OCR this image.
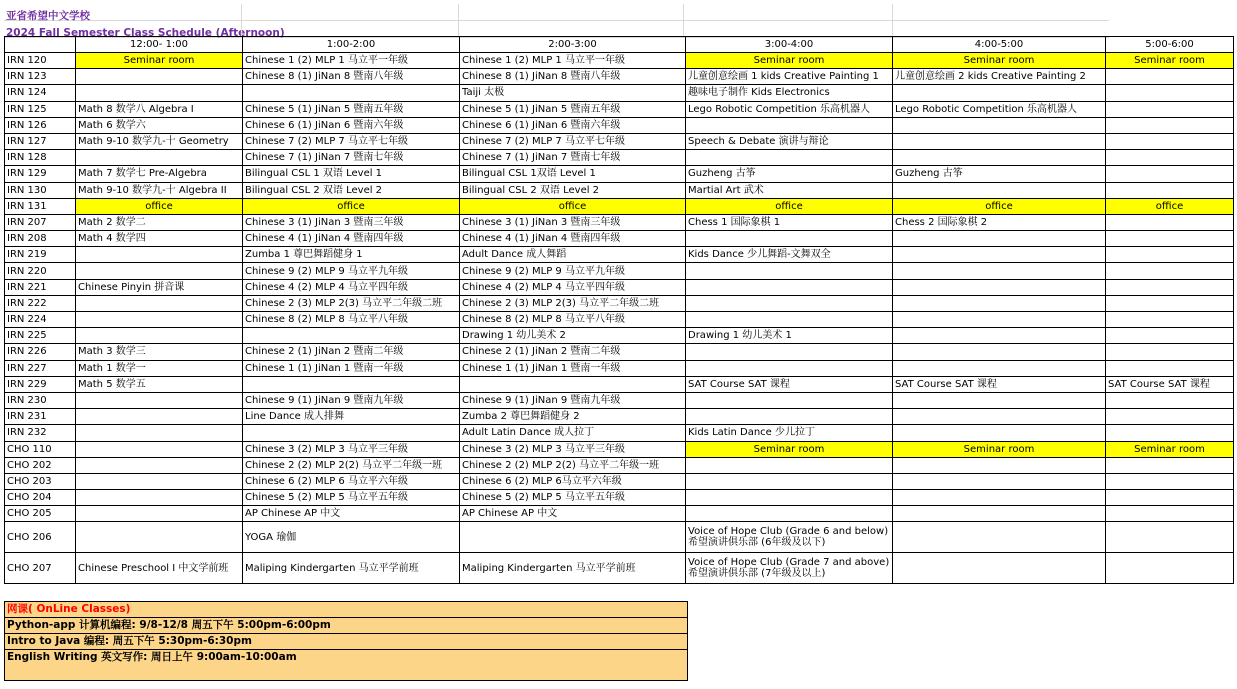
亚省希望中文学校
2024 Fall Semester Class Schedule (Afternoon)
	12:00- 1:00	1:00-2:00	2:00-3:00	3:00-4:00	4:00-5:00	5:00-6:00
IRN 120	Seminar room	Chinese 1 (2) MLP 1 马立平一年级	Chinese 1 (2) MLP 1 马立平一年级	Seminar room	Seminar room	Seminar room
IRN 123		Chinese 8 (1) JiNan 8 暨南八年级	Chinese 8 (1) JiNan 8 暨南八年级	儿童创意绘画 1 kids Creative Painting 1	儿童创意绘画 2 kids Creative Painting 2	
IRN 124			Taiji 太极	趣味电子制作 Kids Electronics		
IRN 125	Math 8 数学八 Algebra I	Chinese 5 (1) JiNan 5 暨南五年级	Chinese 5 (1) JiNan 5 暨南五年级	Lego Robotic Competition 乐高机器人	Lego Robotic Competition 乐高机器人	
IRN 126	Math 6 数学六	Chinese 6 (1) JiNan 6 暨南六年级	Chinese 6 (1) JiNan 6 暨南六年级			
IRN 127	Math 9-10 数学九-十 Geometry	Chinese 7 (2) MLP 7 马立平七年级	Chinese 7 (2) MLP 7 马立平七年级	Speech & Debate 演讲与辩论		
IRN 128		Chinese 7 (1) JiNan 7 暨南七年级	Chinese 7 (1) JiNan 7 暨南七年级			
IRN 129	Math 7 数学七 Pre-Algebra	Bilingual CSL 1 双语 Level 1	Bilingual CSL 1双语 Level 1	Guzheng 古筝	Guzheng 古筝	
IRN 130	Math 9-10 数学九-十 Algebra II	Bilingual CSL 2 双语 Level 2	Bilingual CSL 2 双语 Level 2	Martial Art 武术		
IRN 131	office	office	office	office	office	office
IRN 207	Math 2 数学二	Chinese 3 (1) JiNan 3 暨南三年级	Chinese 3 (1) JiNan 3 暨南三年级	Chess 1 国际象棋 1	Chess 2 国际象棋 2	
IRN 208	Math 4 数学四	Chinese 4 (1) JiNan 4 暨南四年级	Chinese 4 (1) JiNan 4 暨南四年级			
IRN 219		Zumba 1 尊巴舞蹈健身 1	Adult Dance 成人舞蹈	Kids Dance 少儿舞蹈-文舞双全		
IRN 220		Chinese 9 (2) MLP 9 马立平九年级	Chinese 9 (2) MLP 9 马立平九年级			
IRN 221	Chinese Pinyin 拼音课	Chinese 4 (2) MLP 4 马立平四年级	Chinese 4 (2) MLP 4 马立平四年级			
IRN 222		Chinese 2 (3) MLP 2(3) 马立平二年级二班	Chinese 2 (3) MLP 2(3) 马立平二年级二班			
IRN 224		Chinese 8 (2) MLP 8 马立平八年级	Chinese 8 (2) MLP 8 马立平八年级			
IRN 225			Drawing 1 幼儿美术 2	Drawing 1 幼儿美术 1		
IRN 226	Math 3 数学三	Chinese 2 (1) JiNan 2 暨南二年级	Chinese 2 (1) JiNan 2 暨南二年级			
IRN 227	Math 1 数学一	Chinese 1 (1) JiNan 1 暨南一年级	Chinese 1 (1) JiNan 1 暨南一年级			
IRN 229	Math 5 数学五			SAT Course SAT 课程	SAT Course SAT 课程	SAT Course SAT 课程
IRN 230		Chinese 9 (1) JiNan 9 暨南九年级	Chinese 9 (1) JiNan 9 暨南九年级			
IRN 231		Line Dance 成人排舞	Zumba 2 尊巴舞蹈健身 2			
IRN 232			Adult Latin Dance 成人拉丁	Kids Latin Dance 少儿拉丁		
CHO 110		Chinese 3 (2) MLP 3 马立平三年级	Chinese 3 (2) MLP 3 马立平三年级	Seminar room	Seminar room	Seminar room
CHO 202		Chinese 2 (2) MLP 2(2) 马立平二年级一班	Chinese 2 (2) MLP 2(2) 马立平二年级一班			
CHO 203		Chinese 6 (2) MLP 6 马立平六年级	Chinese 6 (2) MLP 6马立平六年级			
CHO 204		Chinese 5 (2) MLP 5 马立平五年级	Chinese 5 (2) MLP 5 马立平五年级			
CHO 205		AP Chinese AP 中文	AP Chinese AP 中文			
CHO 206		YOGA 瑜伽		Voice of Hope Club (Grade 6 and below) 希望演讲俱乐部 (6年级及以下)		
CHO 207	Chinese Preschool I 中文学前班	Maliping Kindergarten 马立平学前班	Maliping Kindergarten 马立平学前班	Voice of Hope Club (Grade 7 and above) 希望演讲俱乐部 (7年级及以上)		
网课( OnLine Classes)
Python-app 计算机编程: 9/8-12/8 周五下午 5:00pm-6:00pm
Intro to Java 编程: 周五下午 5:30pm-6:30pm
English Writing 英文写作: 周日上午 9:00am-10:00am
